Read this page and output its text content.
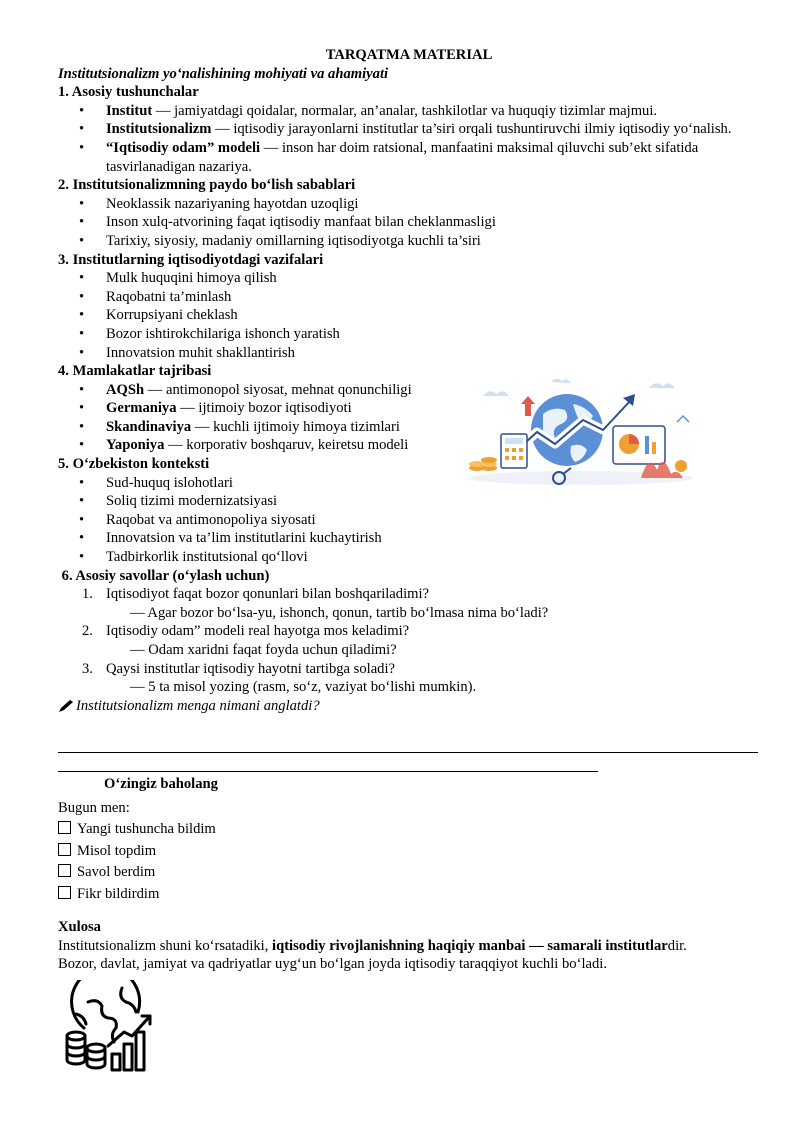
TARQATMA MATERIAL

Institutsionalizm yo‘nalishining mohiyati va ahamiyati

1. Asosiy tushunchalar

• Institut — jamiyatdagi qoidalar, normalar, an’analar, tashkilotlar va huquqiy tizimlar majmui.
• Institutsionalizm — iqtisodiy jarayonlarni institutlar ta’siri orqali tushuntiruvchi ilmiy iqtisodiy yo‘nalish.
• “Iqtisodiy odam” modeli — inson har doim ratsional, manfaatini maksimal qiluvchi sub’ekt sifatida tasvirlanadigan nazariya.

2. Institutsionalizmning paydo bo‘lish sabablari

• Neoklassik nazariyaning hayotdan uzoqligi
• Inson xulq-atvorining faqat iqtisodiy manfaat bilan cheklanmasligi
• Tarixiy, siyosiy, madaniy omillarning iqtisodiyotga kuchli ta’siri

3. Institutlarning iqtisodiyotdagi vazifalari

• Mulk huquqini himoya qilish
• Raqobatni ta’minlash
• Korrupsiyani cheklash
• Bozor ishtirokchilariga ishonch yaratish
• Innovatsion muhit shakllantirish

4. Mamlakatlar tajribasi

• AQSh — antimonopol siyosat, mehnat qonunchiligi
• Germaniya — ijtimoiy bozor iqtisodiyoti
• Skandinaviya — kuchli ijtimoiy himoya tizimlari
• Yaponiya — korporativ boshqaruv, keiretsu modeli

5. O‘zbekiston konteksti

• Sud-huquq islohotlari
• Soliq tizimi modernizatsiyasi
• Raqobat va antimonopoliya siyosati
• Innovatsion va ta’lim institutlarini kuchaytirish
• Tadbirkorlik institutsional qo‘llovi

6. Asosiy savollar (o‘ylash uchun)

1. Iqtisodiyot faqat bozor qonunlari bilan boshqariladimi?

— Agar bozor bo‘lsa-yu, ishonch, qonun, tartib bo‘lmasa nima bo‘ladi?

2. Iqtisodiy odam” modeli real hayotga mos keladimi?

— Odam xaridni faqat foyda uchun qiladimi?

3. Qaysi institutlar iqtisodiy hayotni tartibga soladi?

— 5 ta misol yozing (rasm, so‘z, vaziyat bo‘lishi mumkin).

Institutsionalizm menga nimani anglatdi?

O‘zingiz baholang

Bugun men:

Yangi tushuncha bildim

Misol topdim

Savol berdim

Fikr bildirdim

Xulosa

Institutsionalizm shuni ko‘rsatadiki, iqtisodiy rivojlanishning haqiqiy manbai — samarali institutlardir.

Bozor, davlat, jamiyat va qadriyatlar uyg‘un bo‘lgan joyda iqtisodiy taraqqiyot kuchli bo‘ladi.
